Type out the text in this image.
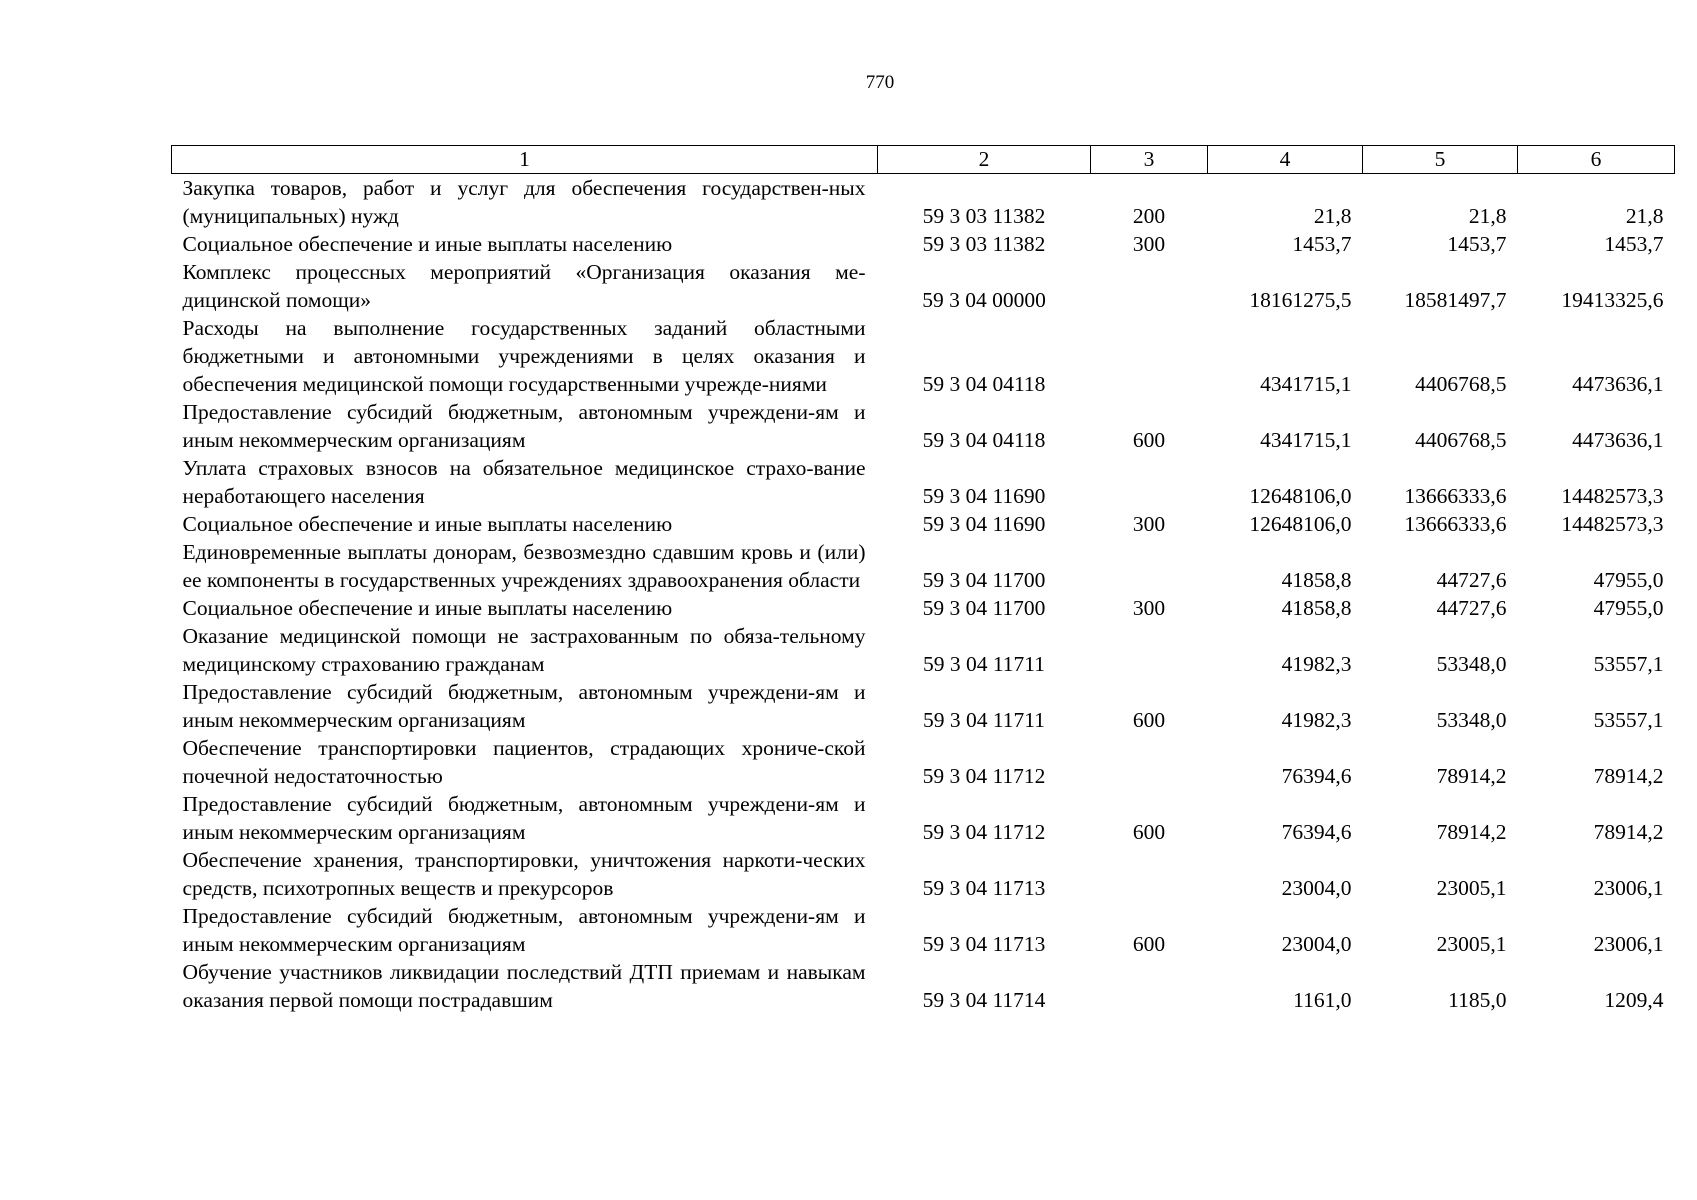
770
1	2	3	4	5	6
Закупка товаров, работ и услуг для обеспечения государствен-ных (муниципальных) нужд	59 3 03 11382	200	21,8	21,8	21,8
Социальное обеспечение и иные выплаты населению	59 3 03 11382	300	1453,7	1453,7	1453,7
Комплекс процессных мероприятий «Организация оказания ме-дицинской помощи»	59 3 04 00000		18161275,5	18581497,7	19413325,6
Расходы на выполнение государственных заданий областными бюджетными и автономными учреждениями в целях оказания и обеспечения медицинской помощи государственными учрежде-ниями	59 3 04 04118		4341715,1	4406768,5	4473636,1
Предоставление субсидий бюджетным, автономным учреждени-ям и иным некоммерческим организациям	59 3 04 04118	600	4341715,1	4406768,5	4473636,1
Уплата страховых взносов на обязательное медицинское страхо-вание неработающего населения	59 3 04 11690		12648106,0	13666333,6	14482573,3
Социальное обеспечение и иные выплаты населению	59 3 04 11690	300	12648106,0	13666333,6	14482573,3
Единовременные выплаты донорам, безвозмездно сдавшим кровь и (или) ее компоненты в государственных учреждениях здравоохранения области	59 3 04 11700		41858,8	44727,6	47955,0
Социальное обеспечение и иные выплаты населению	59 3 04 11700	300	41858,8	44727,6	47955,0
Оказание медицинской помощи не застрахованным по обяза-тельному медицинскому страхованию гражданам	59 3 04 11711		41982,3	53348,0	53557,1
Предоставление субсидий бюджетным, автономным учреждени-ям и иным некоммерческим организациям	59 3 04 11711	600	41982,3	53348,0	53557,1
Обеспечение транспортировки пациентов, страдающих хрониче-ской почечной недостаточностью	59 3 04 11712		76394,6	78914,2	78914,2
Предоставление субсидий бюджетным, автономным учреждени-ям и иным некоммерческим организациям	59 3 04 11712	600	76394,6	78914,2	78914,2
Обеспечение хранения, транспортировки, уничтожения наркоти-ческих средств, психотропных веществ и прекурсоров	59 3 04 11713		23004,0	23005,1	23006,1
Предоставление субсидий бюджетным, автономным учреждени-ям и иным некоммерческим организациям	59 3 04 11713	600	23004,0	23005,1	23006,1
Обучение участников ликвидации последствий ДТП приемам и навыкам оказания первой помощи пострадавшим	59 3 04 11714		1161,0	1185,0	1209,4
